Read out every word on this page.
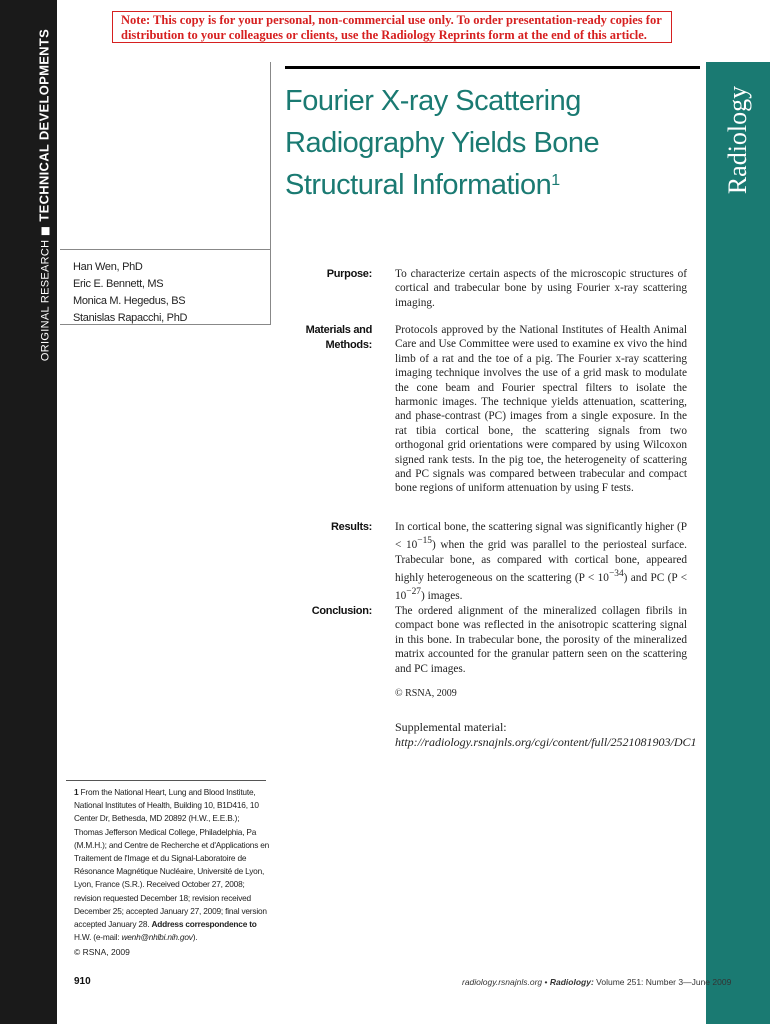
ORIGINAL RESEARCHTECHNICAL DEVELOPMENTS
Note: This copy is for your personal, non-commercial use only. To order presentation-ready copies for distribution to your colleagues or clients, use the Radiology Reprints form at the end of this article.
Radiology
Fourier X-ray Scattering
Radiography Yields Bone
Structural Information$^1$
Han Wen, PhD
Eric E. Bennett, MS
Monica M. Hegedus, BS
Stanislas Rapacchi, PhD
Purpose: To characterize certain aspects of the microscopic structures of cortical and trabecular bone by using Fourier x-ray scattering imaging.
Materials and
Methods:
Protocols approved by the National Institutes of Health Animal Care and Use Committee were used to examine ex vivo the hind limb of a rat and the toe of a pig. The Fourier x-ray scattering imaging technique involves the use of a grid mask to modulate the cone beam and Fourier spectral filters to isolate the harmonic images. The technique yields attenuation, scattering, and phase-contrast (PC) images from a single exposure. In the rat tibia cortical bone, the scattering signals from two orthogonal grid orientations were compared by using Wilcoxon signed rank tests. In the pig toe, the heterogeneity of scattering and PC signals was compared between trabecular and compact bone regions of uniform attenuation by using F tests.
Results: In cortical bone, the scattering signal was significantly higher $(P < 10^{-15})$ when the grid was parallel to the periosteal surface. Trabecular bone, as compared with cortical bone, appeared highly heterogeneous on the scattering $(P < 10^{-34})$ and PC $(P < 10^{-27})$ images.
Conclusion: The ordered alignment of the mineralized collagen fibrils in compact bone was reflected in the anisotropic scattering signal in this bone. In trabecular bone, the porosity of the mineralized matrix accounted for the granular pattern seen on the scattering and PC images.
© RSNA, 2009
Supplemental material: http://radiology.rsnajnls.org/cgi/content/full/2521081903/DC1
1 From the National Heart, Lung and Blood Institute, National Institutes of Health, Building 10, B1D416, 10 Center Dr, Bethesda, MD 20892 (H.W., E.E.B.); Thomas Jefferson Medical College, Philadelphia, Pa (M.M.H.); and Centre de Recherche et d'Applications en Traitement de l'Image et du Signal-Laboratoire de Résonance Magnétique Nucléaire, Université de Lyon, Lyon, France (S.R.). Received October 27, 2008; revision requested December 18; revision received December 25; accepted January 27, 2009; final version accepted January 28. Address correspondence to H.W. (e-mail: wenh@nhlbi.nih.gov).
© RSNA, 2009
910	radiology.rsnajnls.org • Radiology: Volume 251: Number 3—June 2009
